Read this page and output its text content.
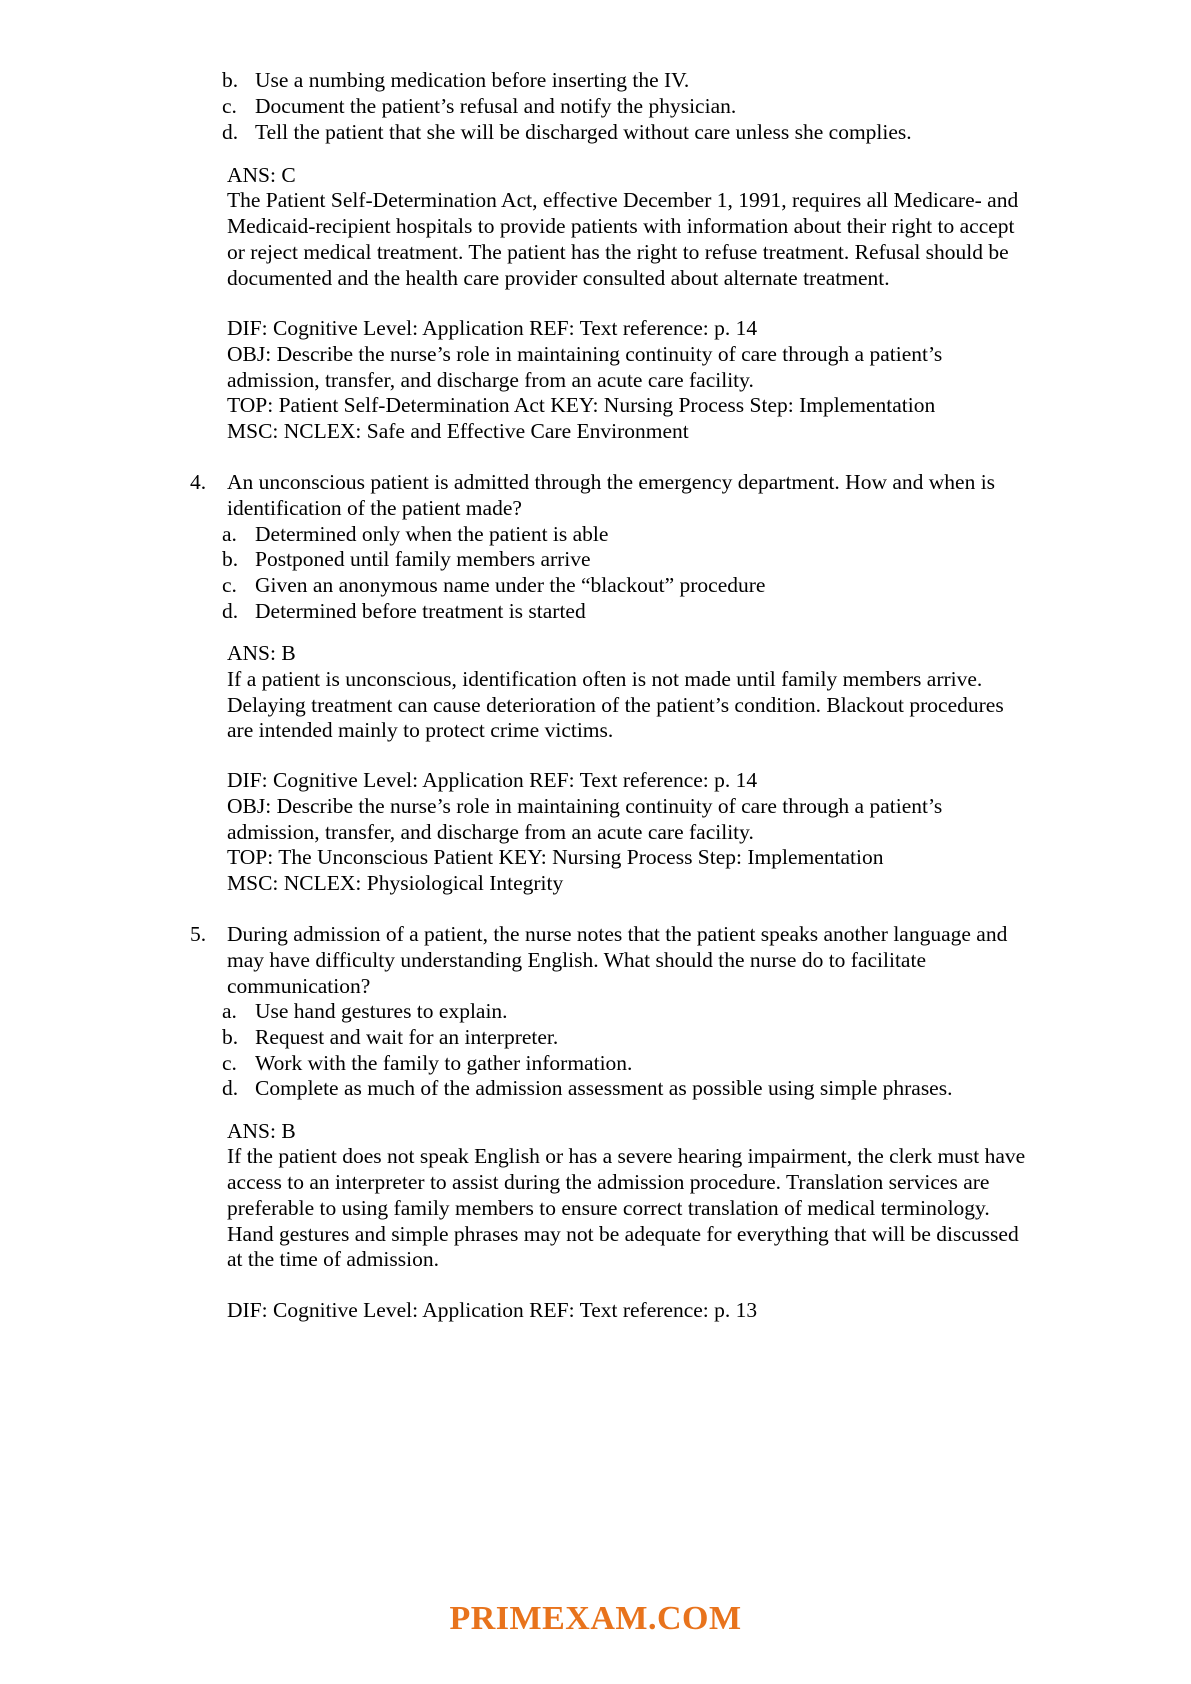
b. Use a numbing medication before inserting the IV.
c. Document the patient’s refusal and notify the physician.
d. Tell the patient that she will be discharged without care unless she complies.
ANS: C
The Patient Self-Determination Act, effective December 1, 1991, requires all Medicare- and
Medicaid-recipient hospitals to provide patients with information about their right to accept
or reject medical treatment. The patient has the right to refuse treatment. Refusal should be
documented and the health care provider consulted about alternate treatment.
DIF: Cognitive Level: Application REF: Text reference: p. 14
OBJ: Describe the nurse’s role in maintaining continuity of care through a patient’s
admission, transfer, and discharge from an acute care facility.
TOP: Patient Self-Determination Act KEY: Nursing Process Step: Implementation
MSC: NCLEX: Safe and Effective Care Environment
4. An unconscious patient is admitted through the emergency department. How and when is
identification of the patient made?
a. Determined only when the patient is able
b. Postponed until family members arrive
c. Given an anonymous name under the “blackout” procedure
d. Determined before treatment is started
ANS: B
If a patient is unconscious, identification often is not made until family members arrive.
Delaying treatment can cause deterioration of the patient’s condition. Blackout procedures
are intended mainly to protect crime victims.
DIF: Cognitive Level: Application REF: Text reference: p. 14
OBJ: Describe the nurse’s role in maintaining continuity of care through a patient’s
admission, transfer, and discharge from an acute care facility.
TOP: The Unconscious Patient KEY: Nursing Process Step: Implementation
MSC: NCLEX: Physiological Integrity
5. During admission of a patient, the nurse notes that the patient speaks another language and
may have difficulty understanding English. What should the nurse do to facilitate
communication?
a. Use hand gestures to explain.
b. Request and wait for an interpreter.
c. Work with the family to gather information.
d. Complete as much of the admission assessment as possible using simple phrases.
ANS: B
If the patient does not speak English or has a severe hearing impairment, the clerk must have
access to an interpreter to assist during the admission procedure. Translation services are
preferable to using family members to ensure correct translation of medical terminology.
Hand gestures and simple phrases may not be adequate for everything that will be discussed
at the time of admission.
DIF: Cognitive Level: Application REF: Text reference: p. 13
PRIMEXAM.COM
